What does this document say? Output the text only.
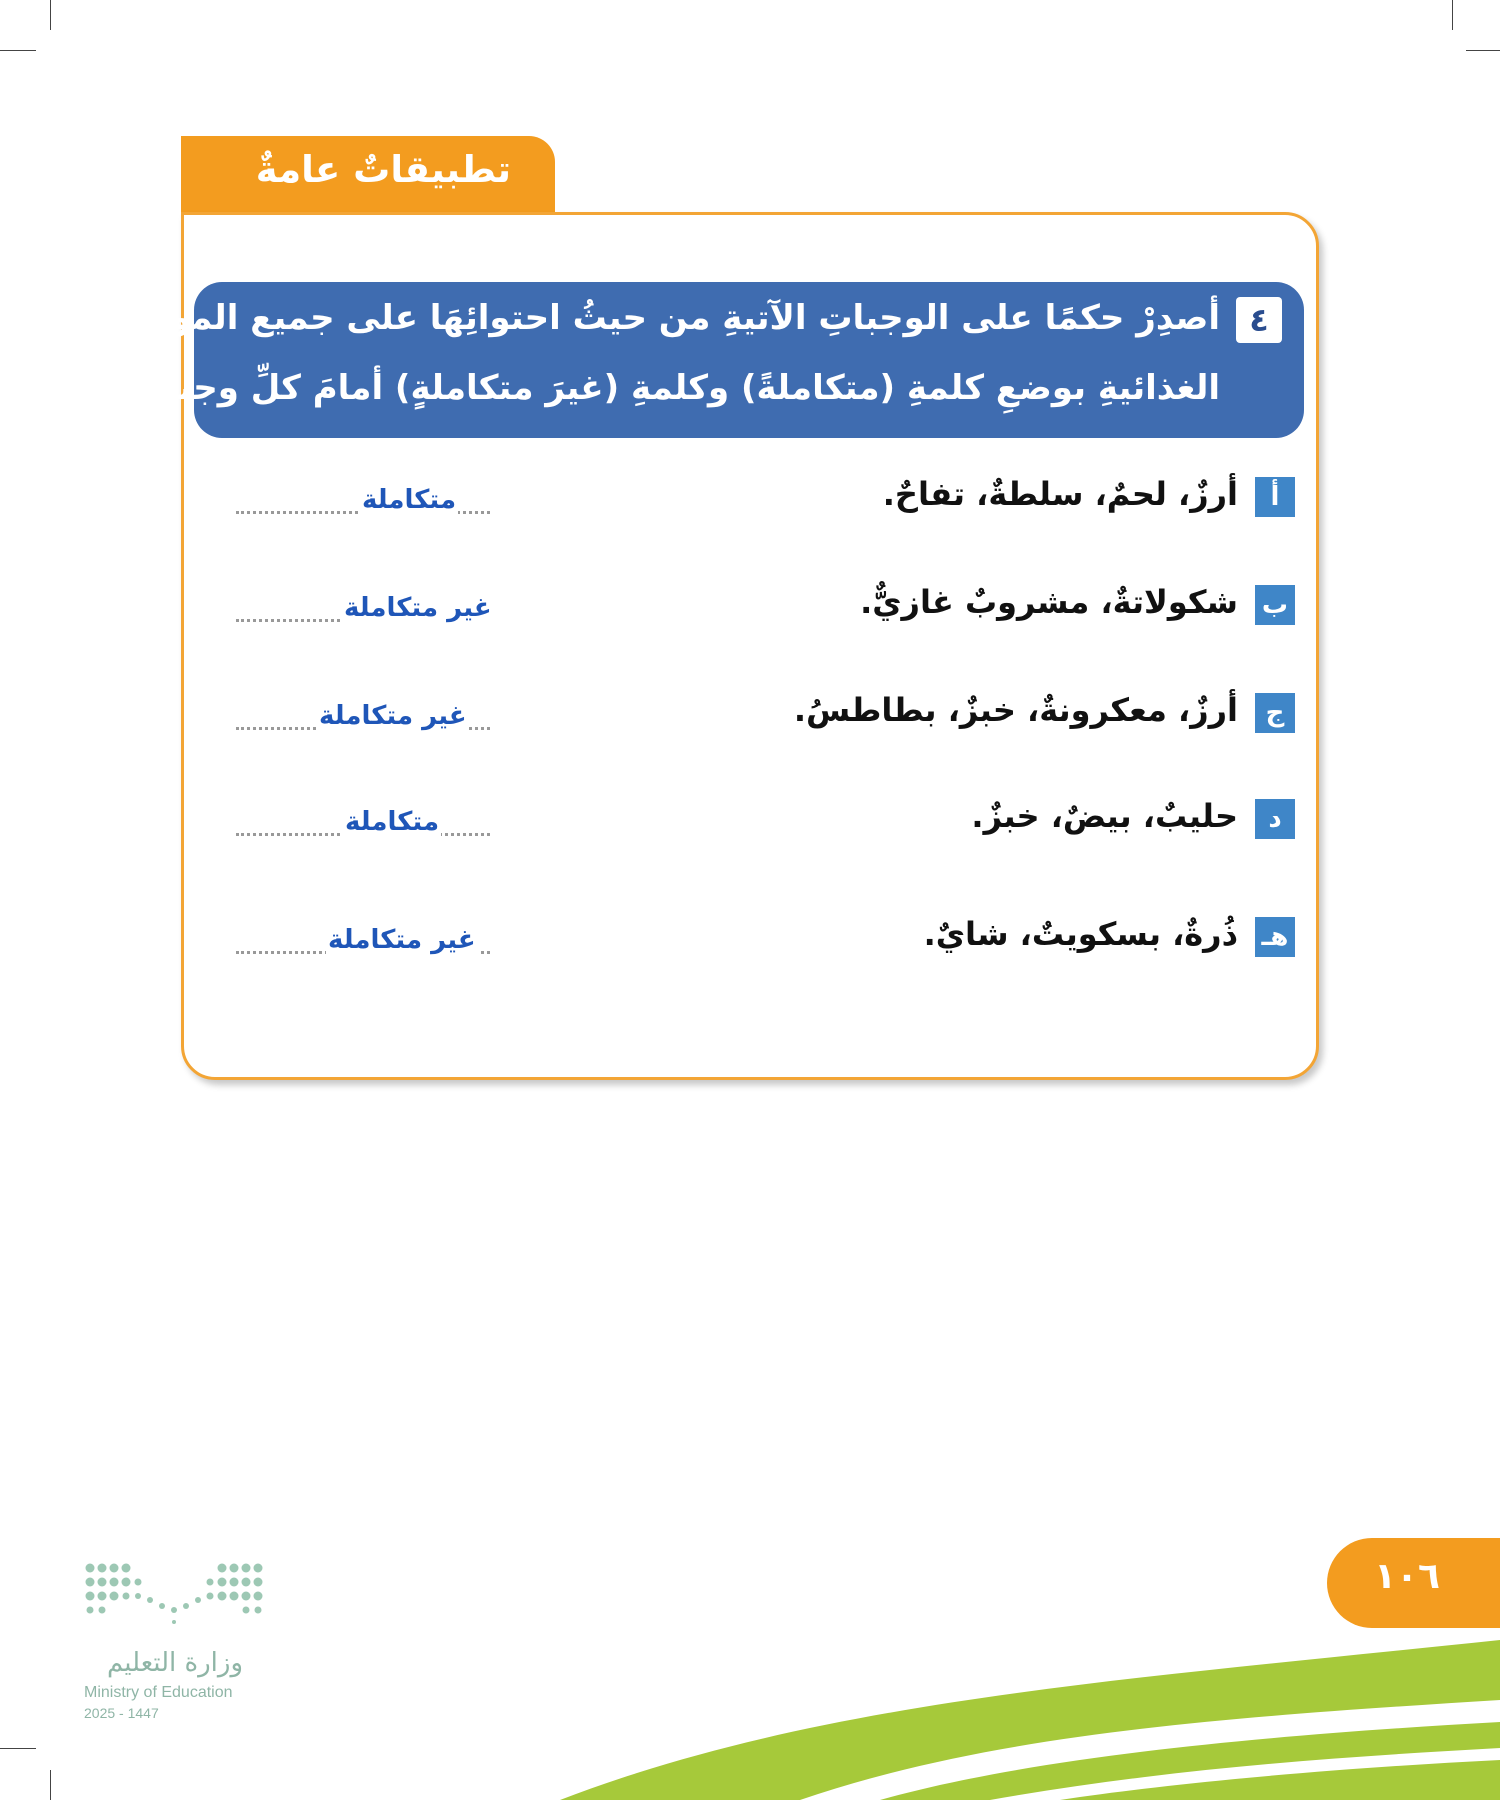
تطبيقاتٌ عامةٌ
٤
أصدِرْ حكمًا على الوجباتِ الآتيةِ من حيثُ احتوائِهَا على جميع الموادِّ
الغذائيةِ بوضعِ كلمةِ (متكاملةً) وكلمةِ (غيرَ متكاملةٍ) أمامَ كلِّ وجبةٍ :
أ
أرزٌ، لحمٌ، سلطةٌ، تفاحٌ.
متكاملة
ب
شكولاتةٌ، مشروبٌ غازيٌّ.
غير متكاملة
ج
أرزٌ، معكرونةٌ، خبزٌ، بطاطسُ.
غير متكاملة
د
حليبٌ، بيضٌ، خبزٌ.
متكاملة
هـ
ذُرةٌ، بسكويتٌ، شايٌ.
غير متكاملة
١٠٦
وزارة التعليم
Ministry of Education
2025 - 1447
